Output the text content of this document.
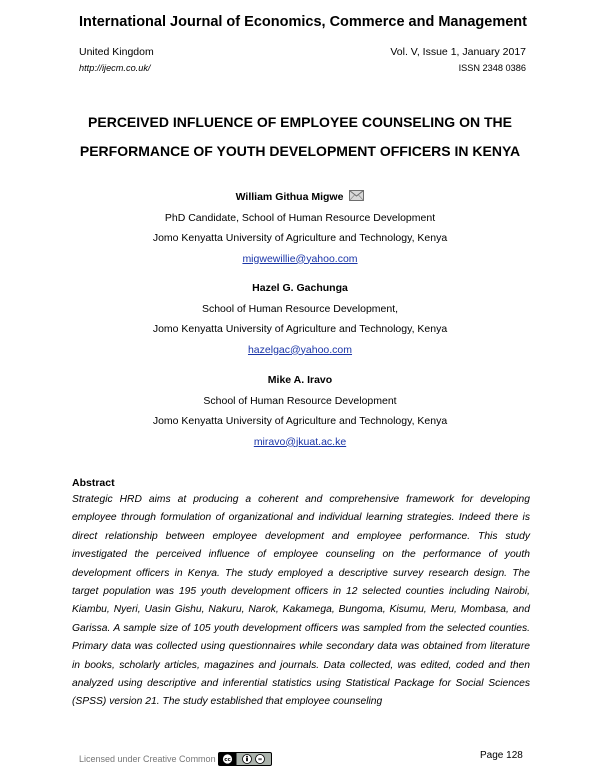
International Journal of Economics, Commerce and Management
United Kingdom	Vol. V, Issue 1, January 2017
http://ijecm.co.uk/	ISSN 2348 0386
PERCEIVED INFLUENCE OF EMPLOYEE COUNSELING ON THE
PERFORMANCE OF YOUTH DEVELOPMENT OFFICERS IN KENYA
William Githua Migwe
PhD Candidate, School of Human Resource Development
Jomo Kenyatta University of Agriculture and Technology, Kenya
migwewillie@yahoo.com
Hazel G. Gachunga
School of Human Resource Development,
Jomo Kenyatta University of Agriculture and Technology, Kenya
hazelgac@yahoo.com
Mike A. Iravo
School of Human Resource Development
Jomo Kenyatta University of Agriculture and Technology, Kenya
miravo@jkuat.ac.ke
Abstract

Strategic HRD aims at producing a coherent and comprehensive framework for developing employee through formulation of organizational and individual learning strategies. Indeed there is direct relationship between employee development and employee performance. This study investigated the perceived influence of employee counseling on the performance of youth development officers in Kenya. The study employed a descriptive survey research design. The target population was 195 youth development officers in 12 selected counties including Nairobi, Kiambu, Nyeri, Uasin Gishu, Nakuru, Narok, Kakamega, Bungoma, Kisumu, Meru, Mombasa, and Garissa. A sample size of 105 youth development officers was sampled from the selected counties. Primary data was collected using questionnaires while secondary data was obtained from literature in books, scholarly articles, magazines and journals. Data collected, was edited, coded and then analyzed using descriptive and inferential statistics using Statistical Package for Social Sciences (SPSS) version 21. The study established that employee counseling

Licensed under Creative Common cc	=	Page 128
